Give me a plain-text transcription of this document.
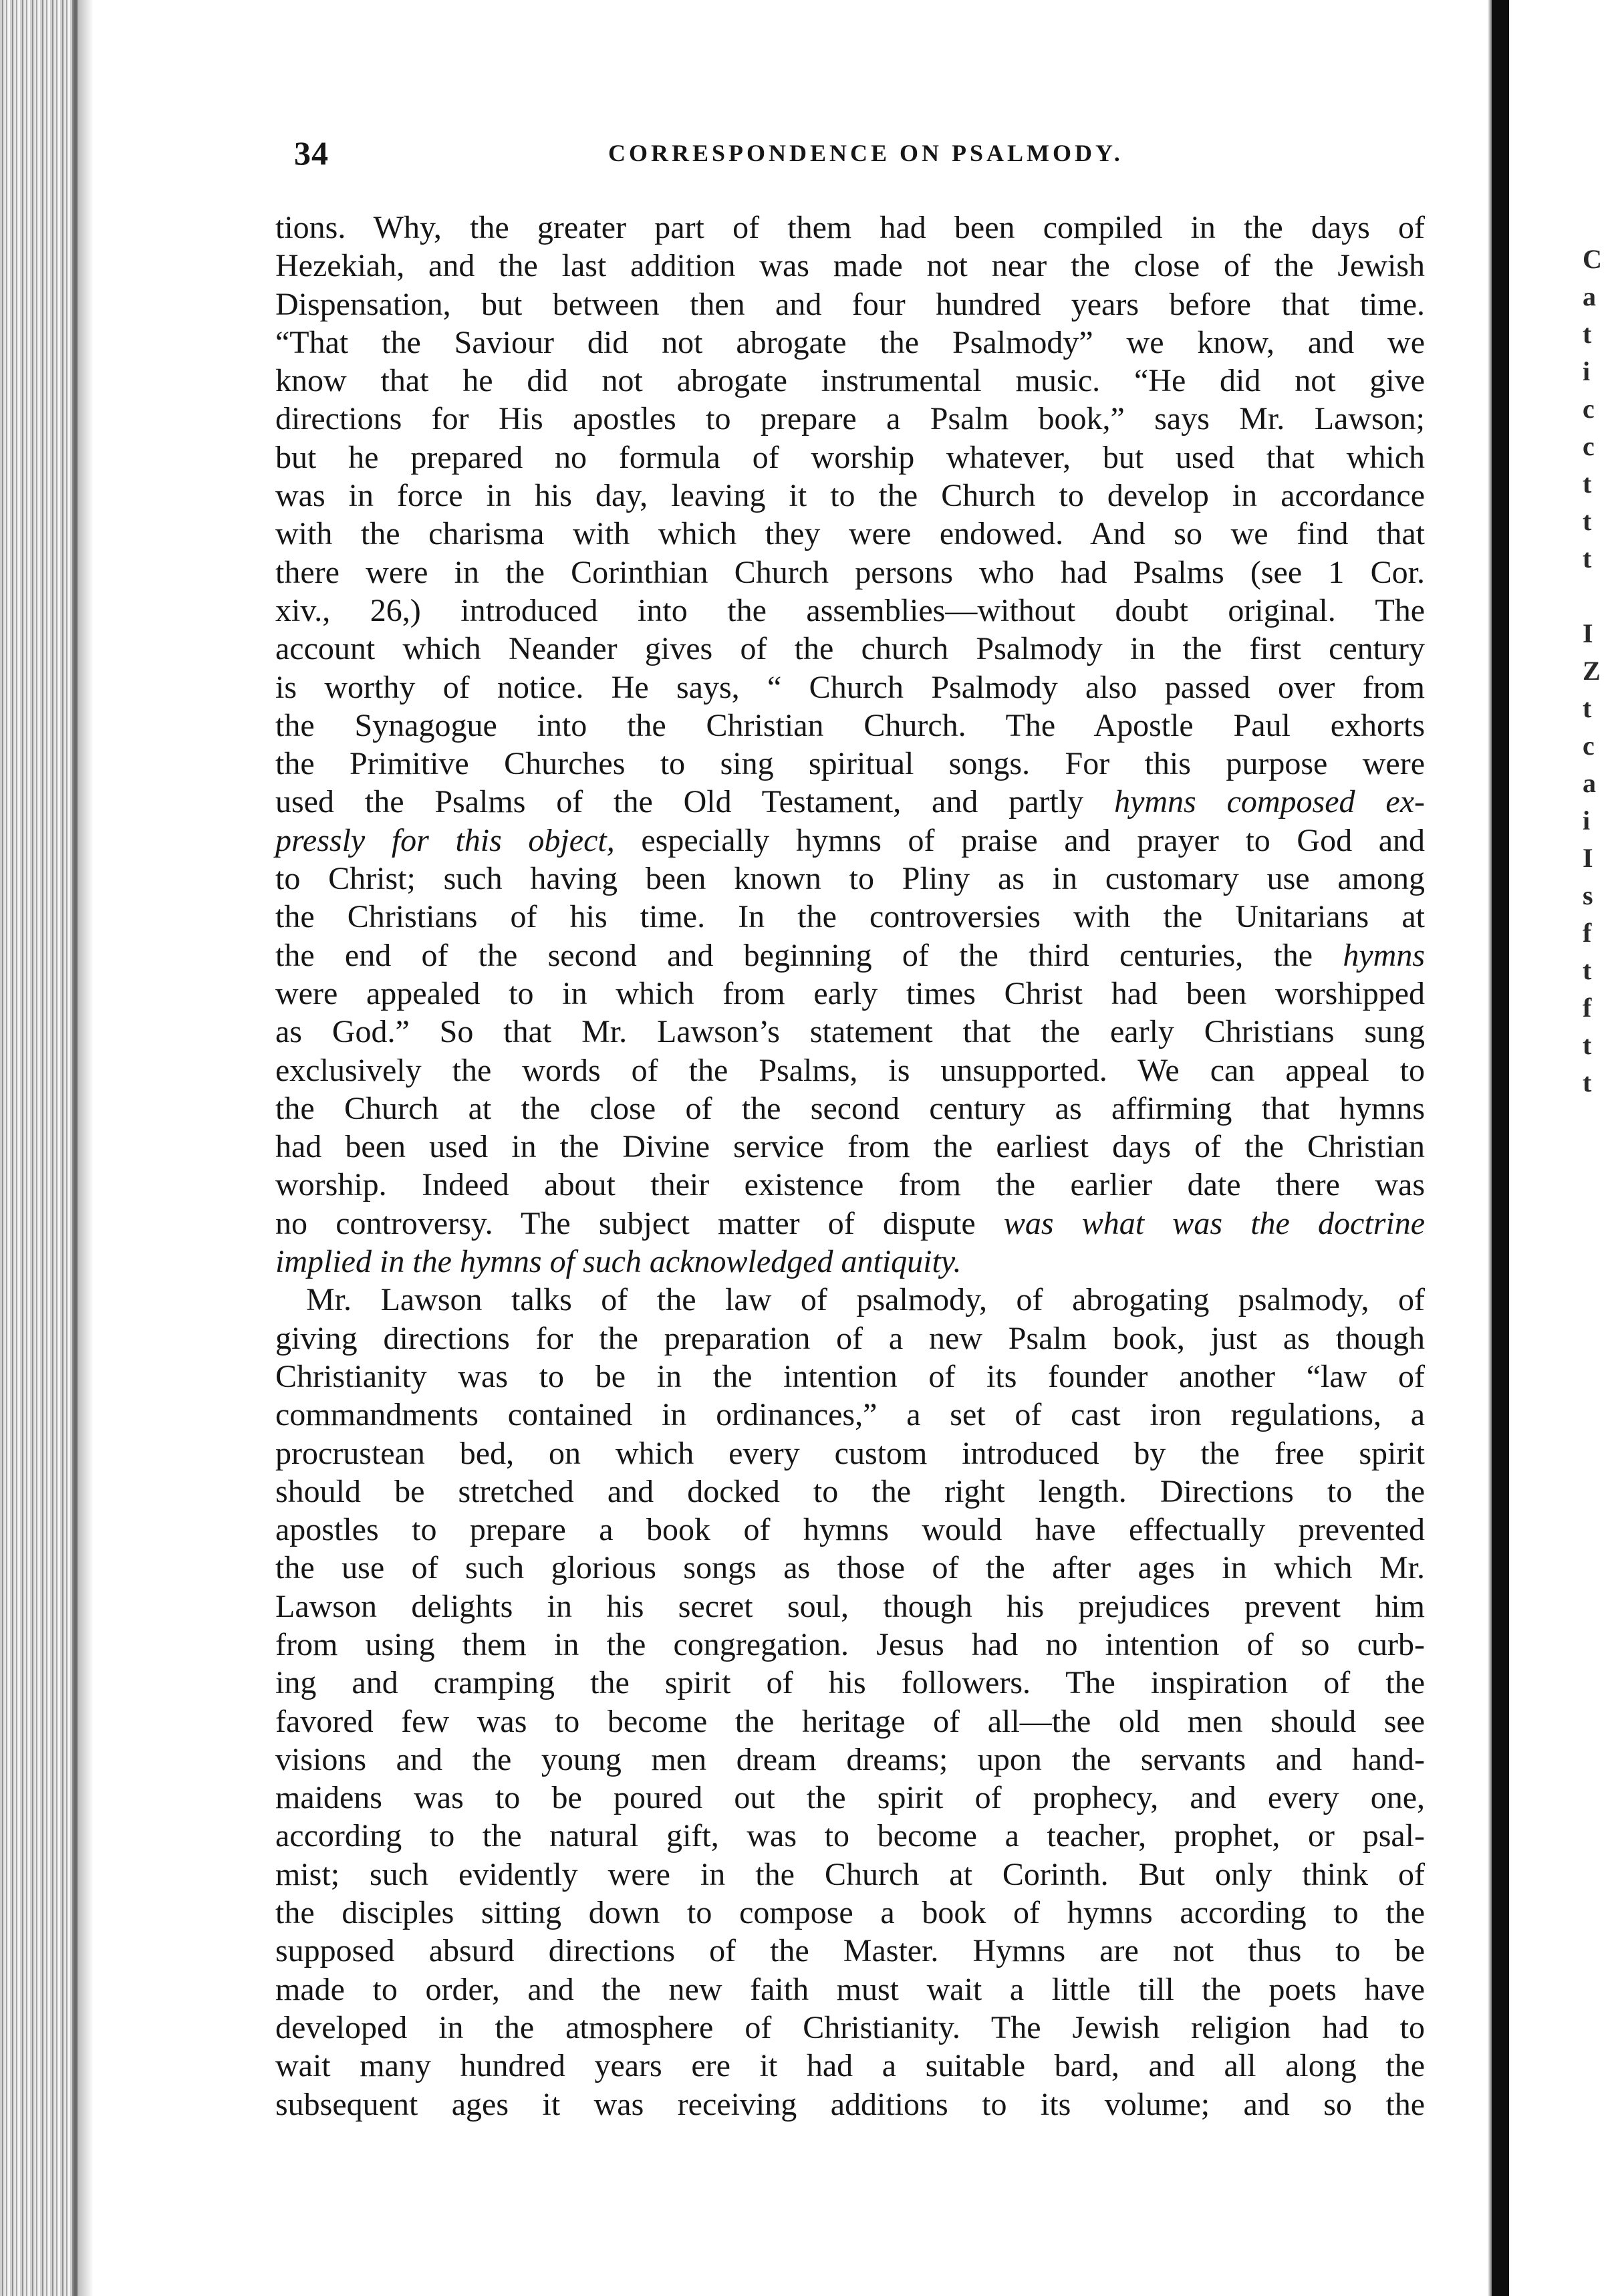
34	CORRESPONDENCE ON PSALMODY.
tions. Why, the greater part of them had been compiled in the days of
Hezekiah, and the last addition was made not near the close of the Jewish
Dispensation, but between then and four hundred years before that time.
“That the Saviour did not abrogate the Psalmody” we know, and we
know that he did not abrogate instrumental music. “He did not give
directions for His apostles to prepare a Psalm book,” says Mr. Lawson;
but he prepared no formula of worship whatever, but used that which
was in force in his day, leaving it to the Church to develop in accordance
with the charisma with which they were endowed. And so we find that
there were in the Corinthian Church persons who had Psalms (see 1 Cor.
xiv., 26,) introduced into the assemblies—without doubt original. The
account which Neander gives of the church Psalmody in the first century
is worthy of notice. He says, “ Church Psalmody also passed over from
the Synagogue into the Christian Church. The Apostle Paul exhorts
the Primitive Churches to sing spiritual songs. For this purpose were
used the Psalms of the Old Testament, and partly hymns composed ex-
pressly for this object, especially hymns of praise and prayer to God and
to Christ; such having been known to Pliny as in customary use among
the Christians of his time. In the controversies with the Unitarians at
the end of the second and beginning of the third centuries, the hymns
were appealed to in which from early times Christ had been worshipped
as God.” So that Mr. Lawson’s statement that the early Christians sung
exclusively the words of the Psalms, is unsupported. We can appeal to
the Church at the close of the second century as affirming that hymns
had been used in the Divine service from the earliest days of the Christian
worship. Indeed about their existence from the earlier date there was
no controversy. The subject matter of dispute was what was the doctrine
implied in the hymns of such acknowledged antiquity.
Mr. Lawson talks of the law of psalmody, of abrogating psalmody, of
giving directions for the preparation of a new Psalm book, just as though
Christianity was to be in the intention of its founder another “law of
commandments contained in ordinances,” a set of cast iron regulations, a
procrustean bed, on which every custom introduced by the free spirit
should be stretched and docked to the right length. Directions to the
apostles to prepare a book of hymns would have effectually prevented
the use of such glorious songs as those of the after ages in which Mr.
Lawson delights in his secret soul, though his prejudices prevent him
from using them in the congregation. Jesus had no intention of so curb-
ing and cramping the spirit of his followers. The inspiration of the
favored few was to become the heritage of all—the old men should see
visions and the young men dream dreams; upon the servants and hand-
maidens was to be poured out the spirit of prophecy, and every one,
according to the natural gift, was to become a teacher, prophet, or psal-
mist; such evidently were in the Church at Corinth. But only think of
the disciples sitting down to compose a book of hymns according to the
supposed absurd directions of the Master. Hymns are not thus to be
made to order, and the new faith must wait a little till the poets have
developed in the atmosphere of Christianity. The Jewish religion had to
wait many hundred years ere it had a suitable bard, and all along the
subsequent ages it was receiving additions to its volume; and so the
C
a
t
i
c
c
t
t
t
I
Z
t
c
a
i
I
s
f
t
f
t
t
